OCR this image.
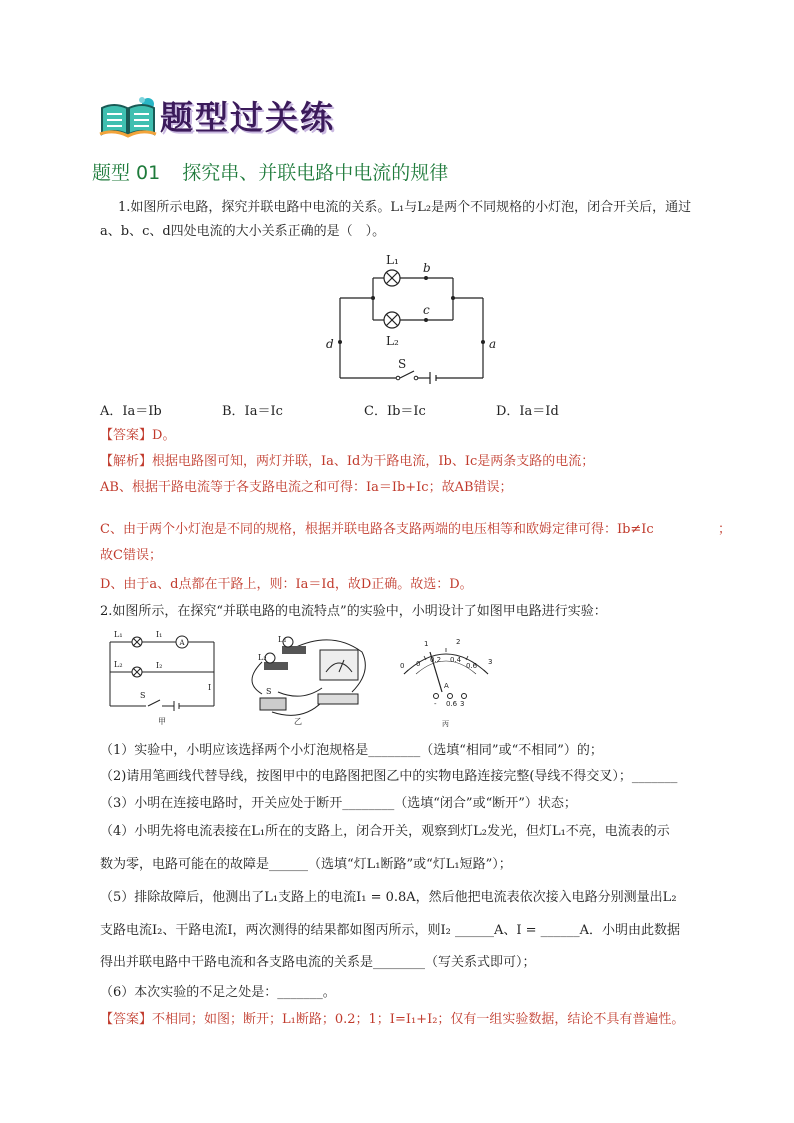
题型过关练
题型 01 探究串、并联电路中电流的规律
1.如图所示电路，探究并联电路中电流的关系。L₁与L₂是两个不同规格的小灯泡，闭合开关后，通过
a、b、c、d四处电流的大小关系正确的是（　）。
L₁
L₂
b
c
d	a
S
A．Ia＝Ib	B．Ia＝Ic	C．Ib＝Ic	D．Ia＝Id
【答案】D。
【解析】根据电路图可知，两灯并联，Ia、Id为干路电流，Ib、Ic是两条支路的电流；
AB、根据干路电流等于各支路电流之和可得：Ia＝Ib+Ic；故AB错误；
C、由于两个小灯泡是不同的规格，根据并联电路各支路两端的电压相等和欧姆定律可得：Ib≠Ic	；
故C错误；
D、由于a、d点都在干路上，则：Ia＝Id，故D正确。故选：D。
2.如图所示，在探究“并联电路的电流特点”的实验中，小明设计了如图甲电路进行实验：
L₁
L₂
I₁
I₂
I
S
A
甲
L₁
L₂
S
乙
0
1	2
3
0 0.2 0.4
0.6
A
- 0.6 3
丙
（1）实验中，小明应该选择两个小灯泡规格是________（选填“相同”或“不相同”）的；
（2)请用笔画线代替导线，按图甲中的电路图把图乙中的实物电路连接完整(导线不得交叉）；_______
（3）小明在连接电路时，开关应处于断开________（选填“闭合”或“断开”）状态；
（4）小明先将电流表接在L₁所在的支路上，闭合开关，观察到灯L₂发光，但灯L₁不亮，电流表的示
数为零，电路可能在的故障是______（选填“灯L₁断路”或“灯L₁短路”）；
（5）排除故障后，他测出了L₁支路上的电流I₁ = 0.8A，然后他把电流表依次接入电路分别测量出L₂
支路电流I₂、干路电流I，两次测得的结果都如图丙所示，则I₂ ______A、I = ______A．小明由此数据
得出并联电路中干路电流和各支路电流的关系是________（写关系式即可）；
（6）本次实验的不足之处是：_______。
【答案】不相同；如图；断开；L₁断路；0.2；1；I=I₁+I₂；仅有一组实验数据，结论不具有普遍性。
